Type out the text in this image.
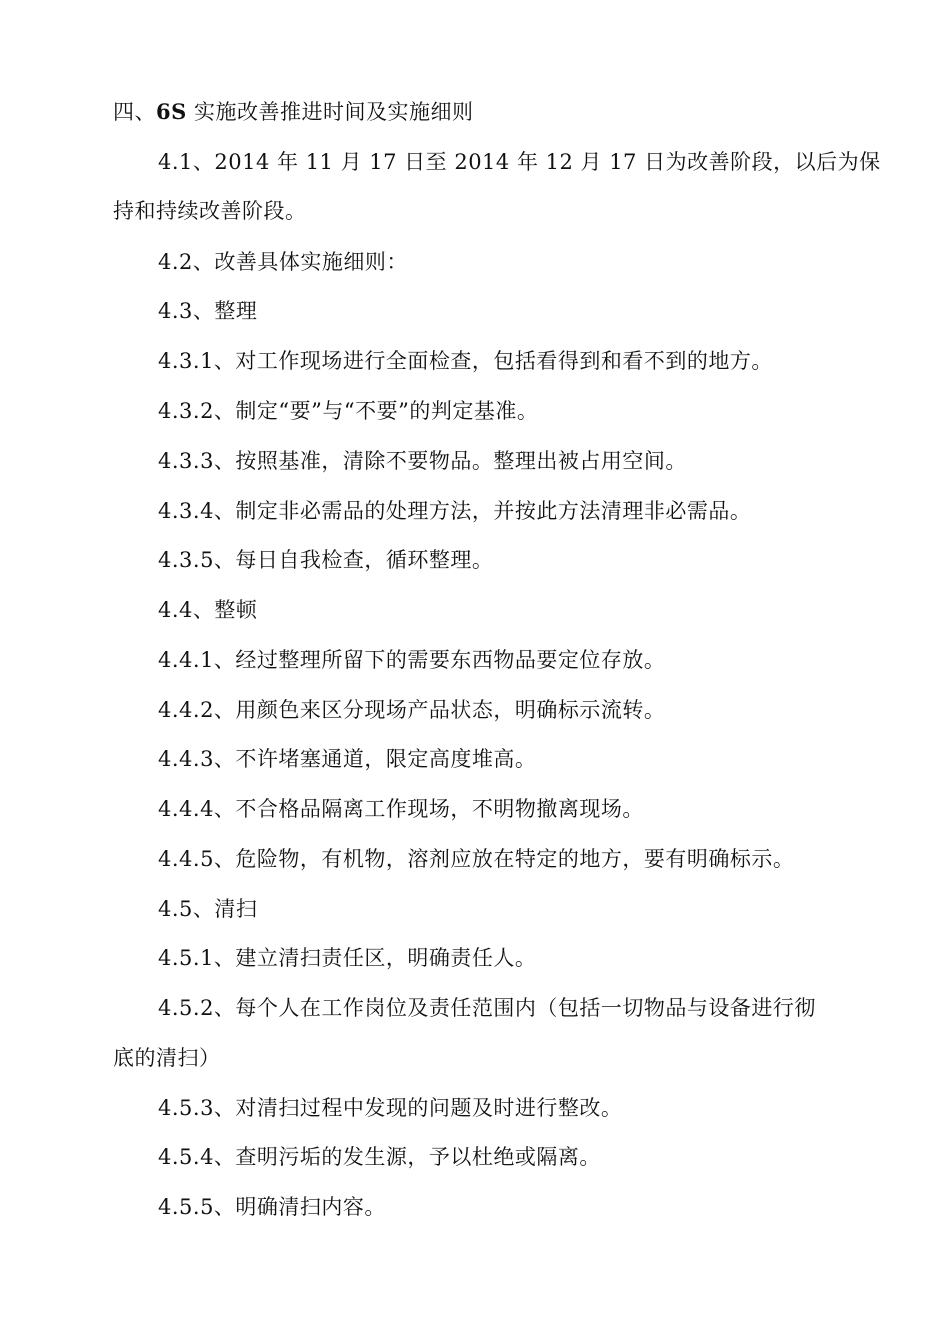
四、6S 实施改善推进时间及实施细则
4.1、2014 年 11 月 17 日至 2014 年 12 月 17 日为改善阶段，以后为保
持和持续改善阶段。
4.2、改善具体实施细则：
4.3、整理
4.3.1、对工作现场进行全面检查，包括看得到和看不到的地方。
4.3.2、制定“要”与“不要”的判定基准。
4.3.3、按照基准，清除不要物品。整理出被占用空间。
4.3.4、制定非必需品的处理方法，并按此方法清理非必需品。
4.3.5、每日自我检查，循环整理。
4.4、整顿
4.4.1、经过整理所留下的需要东西物品要定位存放。
4.4.2、用颜色来区分现场产品状态，明确标示流转。
4.4.3、不许堵塞通道，限定高度堆高。
4.4.4、不合格品隔离工作现场，不明物撤离现场。
4.4.5、危险物，有机物，溶剂应放在特定的地方，要有明确标示。
4.5、清扫
4.5.1、建立清扫责任区，明确责任人。
4.5.2、每个人在工作岗位及责任范围内（包括一切物品与设备进行彻
底的清扫）
4.5.3、对清扫过程中发现的问题及时进行整改。
4.5.4、查明污垢的发生源，予以杜绝或隔离。
4.5.5、明确清扫内容。
